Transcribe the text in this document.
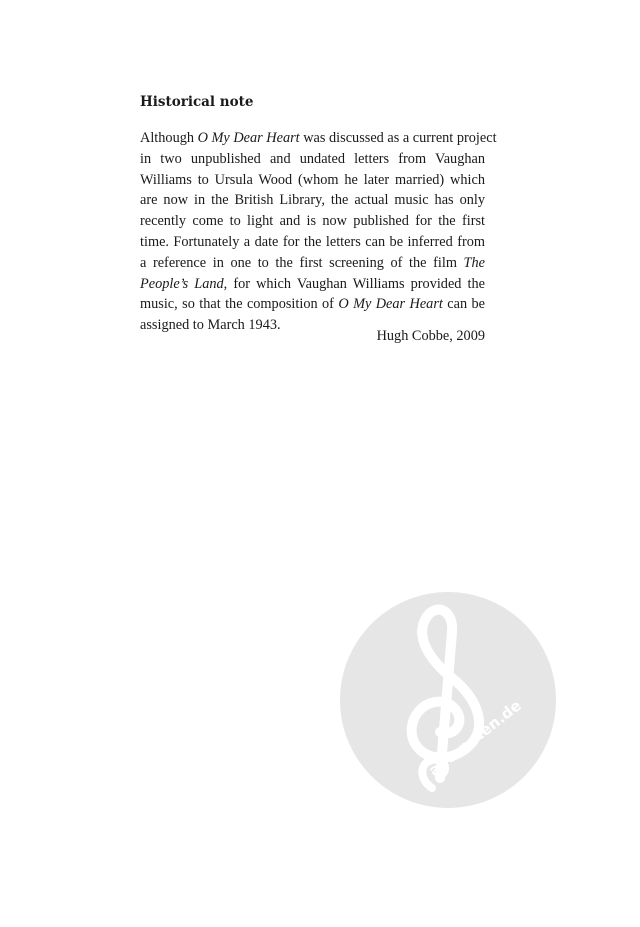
Historical note
Although O My Dear Heart was discussed as a current project
in two unpublished and undated letters from Vaughan
Williams to Ursula Wood (whom he later married) which
are now in the British Library, the actual music has only
recently come to light and is now published for the first
time. Fortunately a date for the letters can be inferred from
a reference in one to the first screening of the film The
People’s Land, for which Vaughan Williams provided the
music, so that the composition of O My Dear Heart can be
assigned to March 1943.
Hugh Cobbe, 2009
alle-noten.de
